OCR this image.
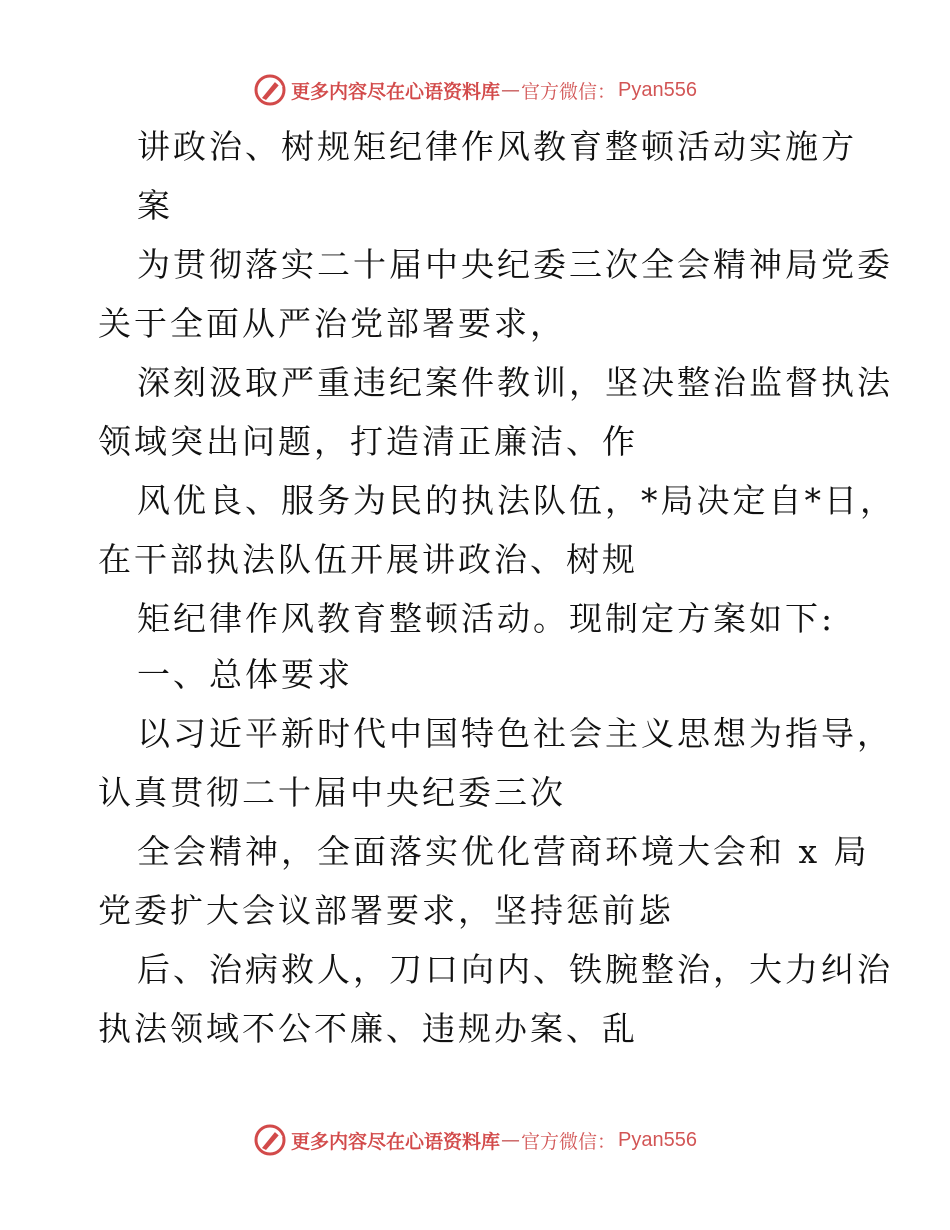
更多内容尽在心语资料库 — 官方微信： Pyan556
讲政治、树规矩纪律作风教育整顿活动实施方
案
为贯彻落实二十届中央纪委三次全会精神局党委
关于全面从严治党部署要求，
深刻汲取严重违纪案件教训，坚决整治监督执法
领域突出问题，打造清正廉洁、作
风优良、服务为民的执法队伍，*局决定自*日，
在干部执法队伍开展讲政治、树规
矩纪律作风教育整顿活动。现制定方案如下:
一、总体要求
以习近平新时代中国特色社会主义思想为指导，
认真贯彻二十届中央纪委三次
全会精神，全面落实优化营商环境大会和 x 局
党委扩大会议部署要求，坚持惩前毖
后、治病救人，刀口向内、铁腕整治，大力纠治
执法领域不公不廉、违规办案、乱
更多内容尽在心语资料库 — 官方微信： Pyan556
